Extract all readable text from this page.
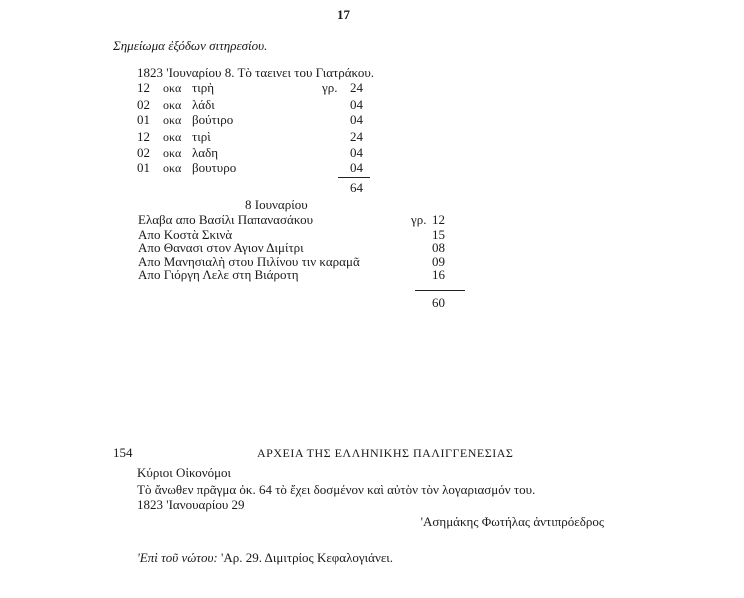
17
Σημείωμα ἐξόδων σιτηρεσίου.
1823 'Ιουναρίου 8. Τὸ ταεινει του Γιατράκου.
γρ.
12 οκα τιρὴ	24
02 οκα λάδι	04
01 οκα βούτιρο	04
12 οκα τιρὶ	24
02 οκα λαδη	04
01 οκα βουτυρο	04
64
8 Ιουναρίου
γρ.
Ελαβα απο Βασίλι Παπανασάκου	12
Απο Κοστὰ Σκινὰ	15
Απο Θανασι στον Αγιον Διμίτρι	08
Απο Μανησιαλὴ στου Πιλίνου τιν καραμᾶ	09
Απο Γιόργη Λελε στη Βιάροτη	16
60
154	ΑΡΧΕΙΑ ΤΗΣ ΕΛΛΗΝΙΚΗΣ ΠΑΛΙΓΓΕΝΕΣΙΑΣ
Κύριοι Οἰκονόμοι
Τὸ ἄνωθεν πρᾶγμα ὀκ. 64 τὸ ἔχει δοσμένον καὶ αὐτὸν τὸν λογαριασμόν του.
1823 'Ιανουαρίου 29
'Ασημάκης Φωτήλας ἀντιπρόεδρος
'Επὶ τοῦ νώτου: 'Αρ. 29. Διμιτρίος Κεφαλογιάνει.
